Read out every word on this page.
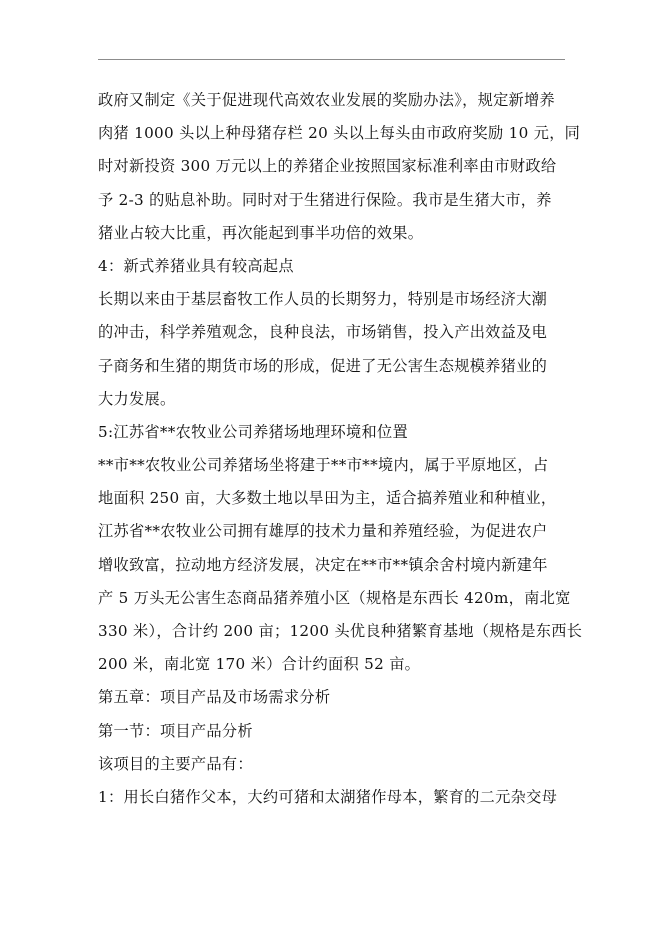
政府又制定《关于促进现代高效农业发展的奖励办法》，规定新增养
肉猪 1000 头以上种母猪存栏 20 头以上每头由市政府奖励 10 元，同
时对新投资 300 万元以上的养猪企业按照国家标准利率由市财政给
予 2-3 的贴息补助。同时对于生猪进行保险。我市是生猪大市，养
猪业占较大比重，再次能起到事半功倍的效果。
4：新式养猪业具有较高起点
长期以来由于基层畜牧工作人员的长期努力，特别是市场经济大潮
的冲击，科学养殖观念，良种良法，市场销售，投入产出效益及电
子商务和生猪的期货市场的形成，促进了无公害生态规模养猪业的
大力发展。
5:江苏省**农牧业公司养猪场地理环境和位置
**市**农牧业公司养猪场坐将建于**市**境内，属于平原地区，占
地面积 250 亩，大多数土地以旱田为主，适合搞养殖业和种植业，
江苏省**农牧业公司拥有雄厚的技术力量和养殖经验，为促进农户
增收致富，拉动地方经济发展，决定在**市**镇余舍村境内新建年
产 5 万头无公害生态商品猪养殖小区（规格是东西长 420m，南北宽
330 米），合计约 200 亩；1200 头优良种猪繁育基地（规格是东西长
200 米，南北宽 170 米）合计约面积 52 亩。
第五章：项目产品及市场需求分析
第一节：项目产品分析
该项目的主要产品有：
1：用长白猪作父本，大约可猪和太湖猪作母本，繁育的二元杂交母
